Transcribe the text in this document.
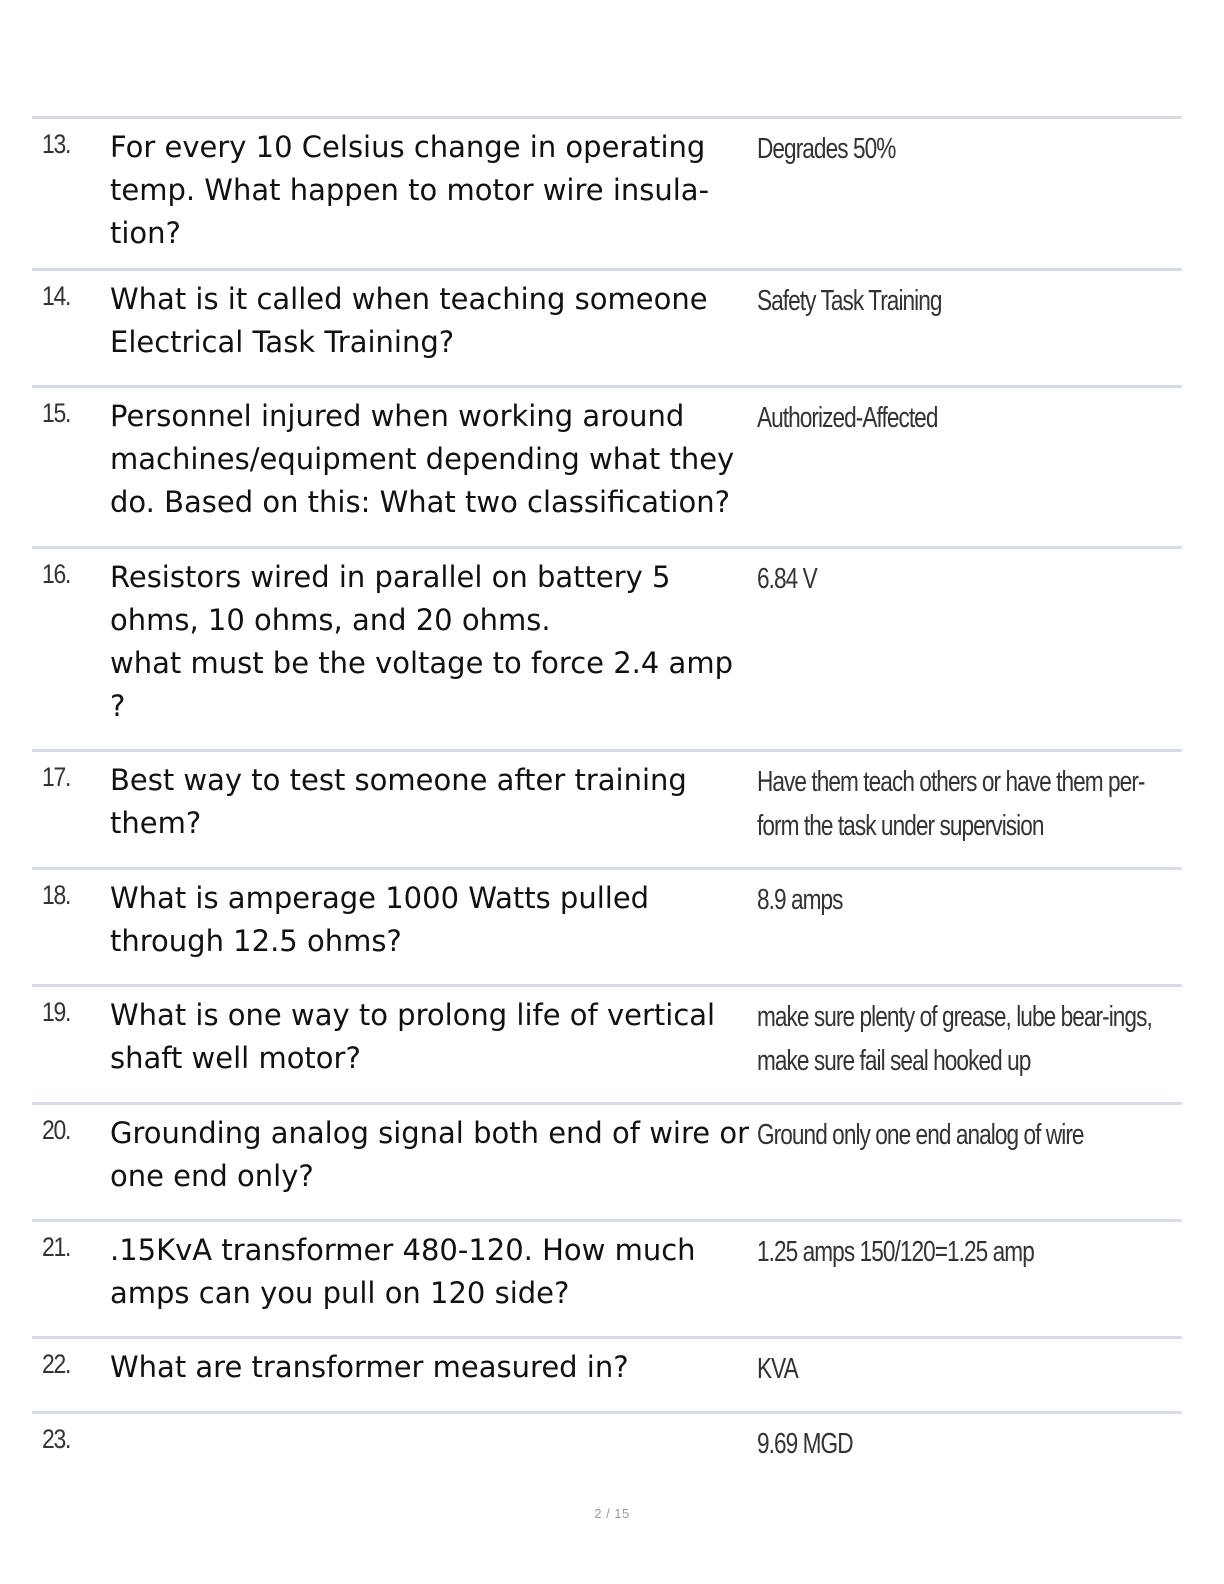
13. For every 10 Celsius change in operating temp. What happen to motor wire insula-
tion?
Degrades 50%
14. What is it called when teaching someone Electrical Task Training?
Safety Task Training
15. Personnel injured when working around machines/equipment depending what they do. Based on this: What two classification?
Authorized-Affected
16. Resistors wired in parallel on battery 5 ohms, 10 ohms, and 20 ohms.
what must be the voltage to force 2.4 amp
?
6.84 V
17. Best way to test someone after training them?
Have them teach others or have them per-form the task under supervision
18. What is amperage 1000 Watts pulled through 12.5 ohms?
8.9 amps
19. What is one way to prolong life of vertical shaft well motor?
make sure plenty of grease, lube bear-ings, make sure fail seal hooked up
20. Grounding analog signal both end of wire or one end only?
Ground only one end analog of wire
21. .15KvA transformer 480-120. How much amps can you pull on 120 side?
1.25 amps 150/120=1.25 amp
22. What are transformer measured in?	KVA
23.	9.69 MGD
2 / 15
